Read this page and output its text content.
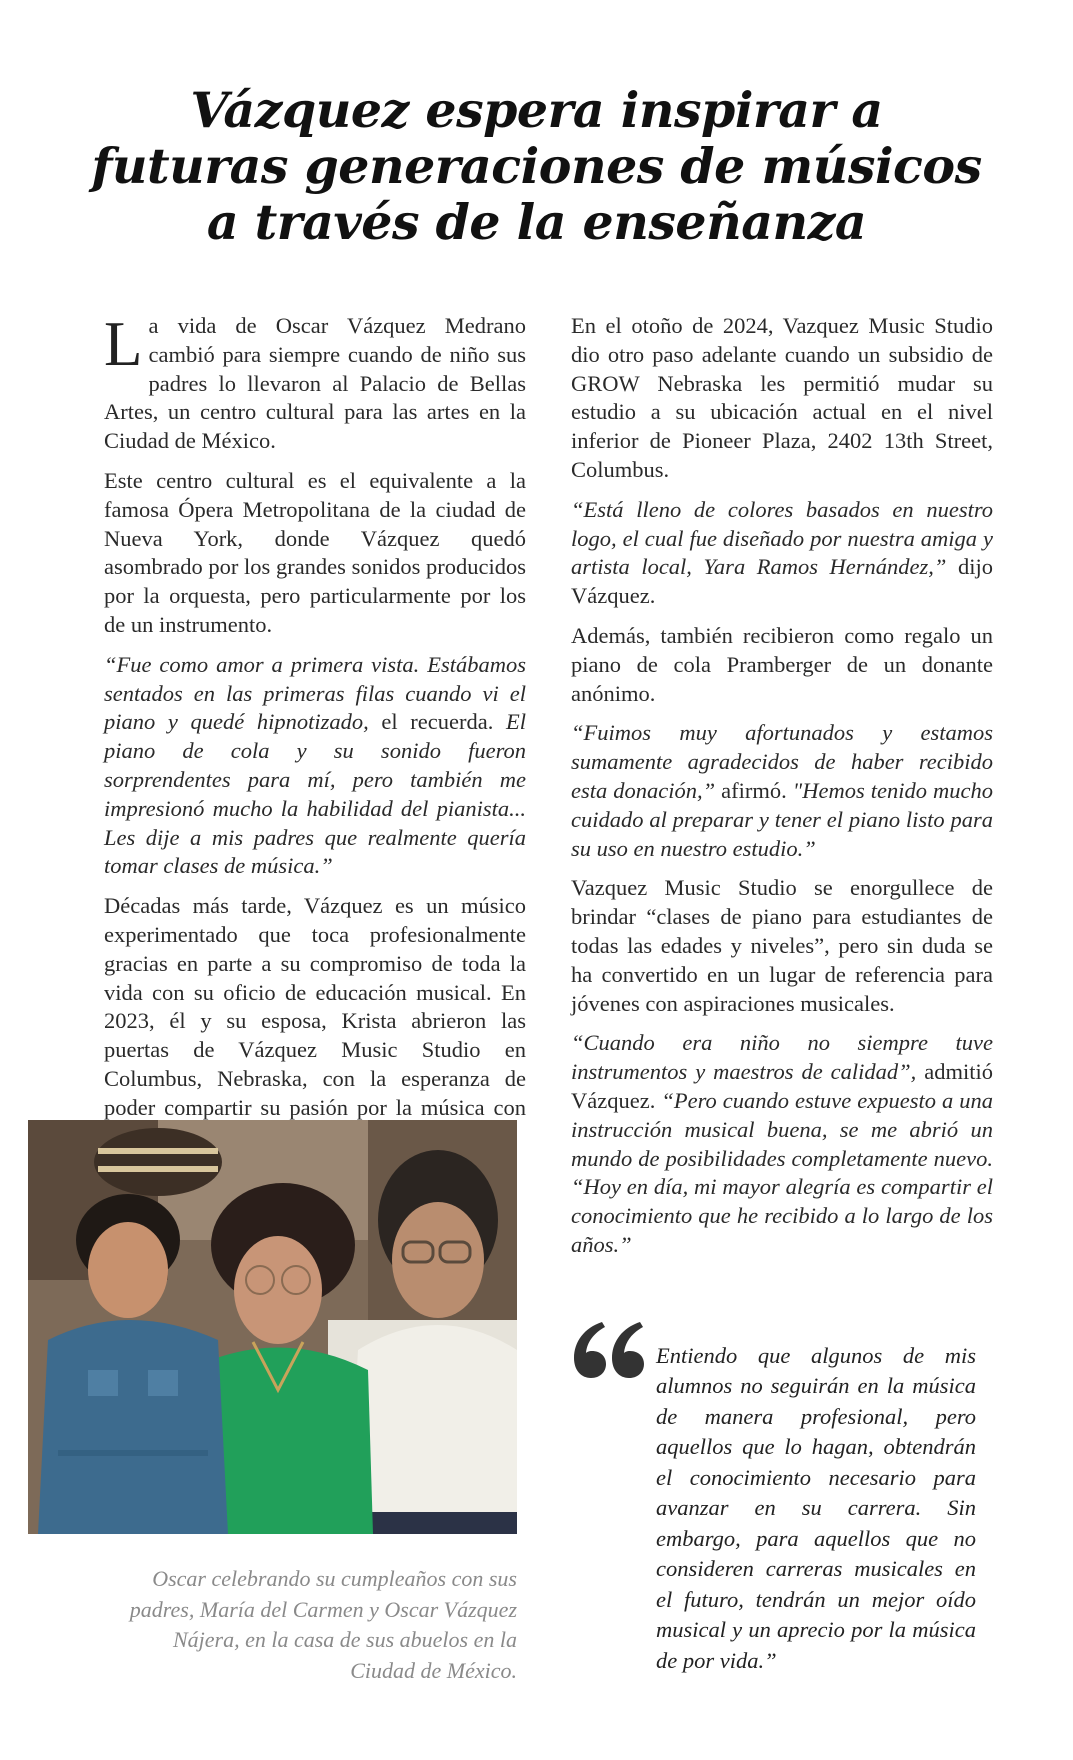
Vázquez espera inspirar a
futuras generaciones de músicos
a través de la enseñanza

La vida de Oscar Vázquez Medrano cambió para siempre cuando de niño sus padres lo llevaron al Palacio de Bellas Artes, un centro cultural para las artes en la Ciudad de México.

Este centro cultural es el equivalente a la famosa Ópera Metropolitana de la ciudad de Nueva York, donde Vázquez quedó asombrado por los grandes sonidos producidos por la orquesta, pero particularmente por los de un instrumento.

“Fue como amor a primera vista. Estábamos sentados en las primeras filas cuando vi el piano y quedé hipnotizado, el recuerda. El piano de cola y su sonido fueron sorprendentes para mí, pero también me impresionó mucho la habilidad del pianista... Les dije a mis padres que realmente quería tomar clases de música.”

Décadas más tarde, Vázquez es un músico experimentado que toca profesionalmente gracias en parte a su compromiso de toda la vida con su oficio de educación musical. En 2023, él y su esposa, Krista abrieron las puertas de Vázquez Music Studio en Columbus, Nebraska, con la esperanza de poder compartir su pasión por la música con

Oscar celebrando su cumpleaños con sus padres, María del Carmen y Oscar Vázquez Nájera, en la casa de sus abuelos en la Ciudad de México.

En el otoño de 2024, Vazquez Music Studio dio otro paso adelante cuando un subsidio de GROW Nebraska les permitió mudar su estudio a su ubicación actual en el nivel inferior de Pioneer Plaza, 2402 13th Street, Columbus.

“Está lleno de colores basados en nuestro logo, el cual fue diseñado por nuestra amiga y artista local, Yara Ramos Hernández,” dijo Vázquez.

Además, también recibieron como regalo un piano de cola Pramberger de un donante anónimo.

“Fuimos muy afortunados y estamos sumamente agradecidos de haber recibido esta donación,” afirmó. "Hemos tenido mucho cuidado al preparar y tener el piano listo para su uso en nuestro estudio.”

Vazquez Music Studio se enorgullece de brindar “clases de piano para estudiantes de todas las edades y niveles”, pero sin duda se ha convertido en un lugar de referencia para jóvenes con aspiraciones musicales.

“Cuando era niño no siempre tuve instrumentos y maestros de calidad”, admitió Vázquez. “Pero cuando estuve expuesto a una instrucción musical buena, se me abrió un mundo de posibilidades completamente nuevo. “Hoy en día, mi mayor alegría es compartir el conocimiento que he recibido a lo largo de los años.”

Entiendo que algunos de mis alumnos no seguirán en la música de manera profesional, pero aquellos que lo hagan, obtendrán el conocimiento necesario para avanzar en su carrera. Sin embargo, para aquellos que no consideren carreras musicales en el futuro, tendrán un mejor oído musical y un aprecio por la música de por vida.”
